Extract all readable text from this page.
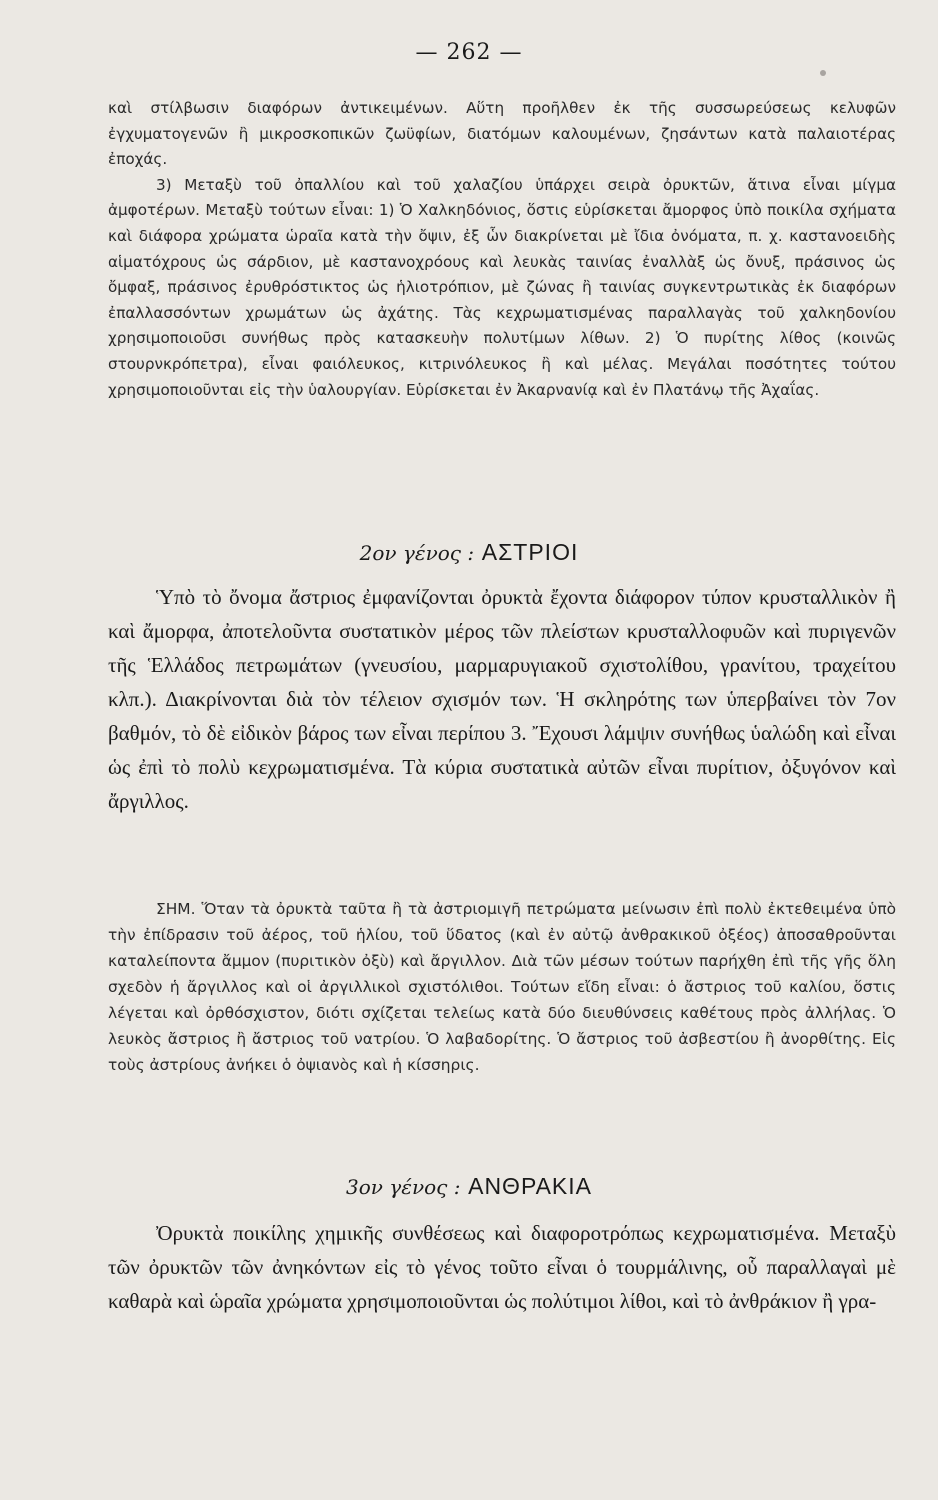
— 262 —

καὶ στίλβωσιν διαφόρων ἀντικειμένων. Αὕτη προῆλθεν ἐκ τῆς συσσωρεύσεως κελυφῶν ἐγχυματογενῶν ἢ μικροσκοπικῶν ζωϋφίων, διατόμων καλουμένων, ζησάντων κατὰ παλαιοτέρας ἐποχάς.

3) Μεταξὺ τοῦ ὀπαλλίου καὶ τοῦ χαλαζίου ὑπάρχει σειρὰ ὀρυκτῶν, ἅτινα εἶναι μίγμα ἀμφοτέρων. Μεταξὺ τούτων εἶναι: 1) Ὁ Χαλκηδόνιος, ὅστις εὑρίσκεται ἄμορφος ὑπὸ ποικίλα σχήματα καὶ διάφορα χρώματα ὡραῖα κατὰ τὴν ὄψιν, ἐξ ὧν διακρίνεται μὲ ἴδια ὀνόματα, π. χ. καστανοειδὴς αἱματόχρους ὡς σάρδιον, μὲ καστανοχρόους καὶ λευκὰς ταινίας ἐναλλὰξ ὡς ὄνυξ, πράσινος ὡς ὄμφαξ, πράσινος ἐρυθρόστικτος ὡς ἡλιοτρόπιον, μὲ ζώνας ἢ ταινίας συγκεντρωτικὰς ἐκ διαφόρων ἐπαλλασσόντων χρωμάτων ὡς ἀχάτης. Τὰς κεχρωματισμένας παραλλαγὰς τοῦ χαλκηδονίου χρησιμοποιοῦσι συνήθως πρὸς κατασκευὴν πολυτίμων λίθων. 2) Ὁ πυρίτης λίθος (κοινῶς στουρνκρόπετρα), εἶναι φαιόλευκος, κιτρινόλευκος ἢ καὶ μέλας. Μεγάλαι ποσότητες τούτου χρησιμοποιοῦνται εἰς τὴν ὑαλουργίαν. Εὑρίσκεται ἐν Ἀκαρνανίᾳ καὶ ἐν Πλατάνῳ τῆς Ἀχαΐας.

2ον γένος : ΑΣΤΡΙΟΙ

Ὑπὸ τὸ ὄνομα ἄστριος ἐμφανίζονται ὀρυκτὰ ἔχοντα διάφορον τύπον κρυσταλλικὸν ἢ καὶ ἄμορφα, ἀποτελοῦντα συστατικὸν μέρος τῶν πλείστων κρυσταλλοφυῶν καὶ πυριγενῶν τῆς Ἑλλάδος πετρωμάτων (γνευσίου, μαρμαρυγιακοῦ σχιστολίθου, γρανίτου, τραχείτου κλπ.). Διακρίνονται διὰ τὸν τέλειον σχισμόν των. Ἡ σκληρότης των ὑπερβαίνει τὸν 7ον βαθμόν, τὸ δὲ εἰδικὸν βάρος των εἶναι περίπου 3. Ἔχουσι λάμψιν συνήθως ὑαλώδη καὶ εἶναι ὡς ἐπὶ τὸ πολὺ κεχρωματισμένα. Τὰ κύρια συστατικὰ αὐτῶν εἶναι πυρίτιον, ὀξυγόνον καὶ ἄργιλλος.

ΣΗΜ. Ὅταν τὰ ὀρυκτὰ ταῦτα ἢ τὰ ἀστριομιγῆ πετρώματα μείνωσιν ἐπὶ πολὺ ἐκτεθειμένα ὑπὸ τὴν ἐπίδρασιν τοῦ ἀέρος, τοῦ ἡλίου, τοῦ ὕδατος (καὶ ἐν αὐτῷ ἀνθρακικοῦ ὀξέος) ἀποσαθροῦνται καταλείποντα ἄμμον (πυριτικὸν ὀξὺ) καὶ ἄργιλλον. Διὰ τῶν μέσων τούτων παρήχθη ἐπὶ τῆς γῆς ὅλη σχεδὸν ἡ ἄργιλλος καὶ οἱ ἀργιλλικοὶ σχιστόλιθοι. Τούτων εἴδη εἶναι: ὁ ἄστριος τοῦ καλίου, ὅστις λέγεται καὶ ὀρθόσχιστον, διότι σχίζεται τελείως κατὰ δύο διευθύνσεις καθέτους πρὸς ἀλλήλας. Ὁ λευκὸς ἄστριος ἢ ἄστριος τοῦ νατρίου. Ὁ λαβαδορίτης. Ὁ ἄστριος τοῦ ἀσβεστίου ἢ ἀνορθίτης. Εἰς τοὺς ἀστρίους ἀνήκει ὁ ὀψιανὸς καὶ ἡ κίσσηρις.

3ον γένος : ΑΝΘΡΑΚΙΑ

Ὀρυκτὰ ποικίλης χημικῆς συνθέσεως καὶ διαφοροτρόπως κεχρωματισμένα. Μεταξὺ τῶν ὀρυκτῶν τῶν ἀνηκόντων εἰς τὸ γένος τοῦτο εἶναι ὁ τουρμάλινης, οὗ παραλλαγαὶ μὲ καθαρὰ καὶ ὡραῖα χρώματα χρησιμοποιοῦνται ὡς πολύτιμοι λίθοι, καὶ τὸ ἀνθράκιον ἢ γρα-
